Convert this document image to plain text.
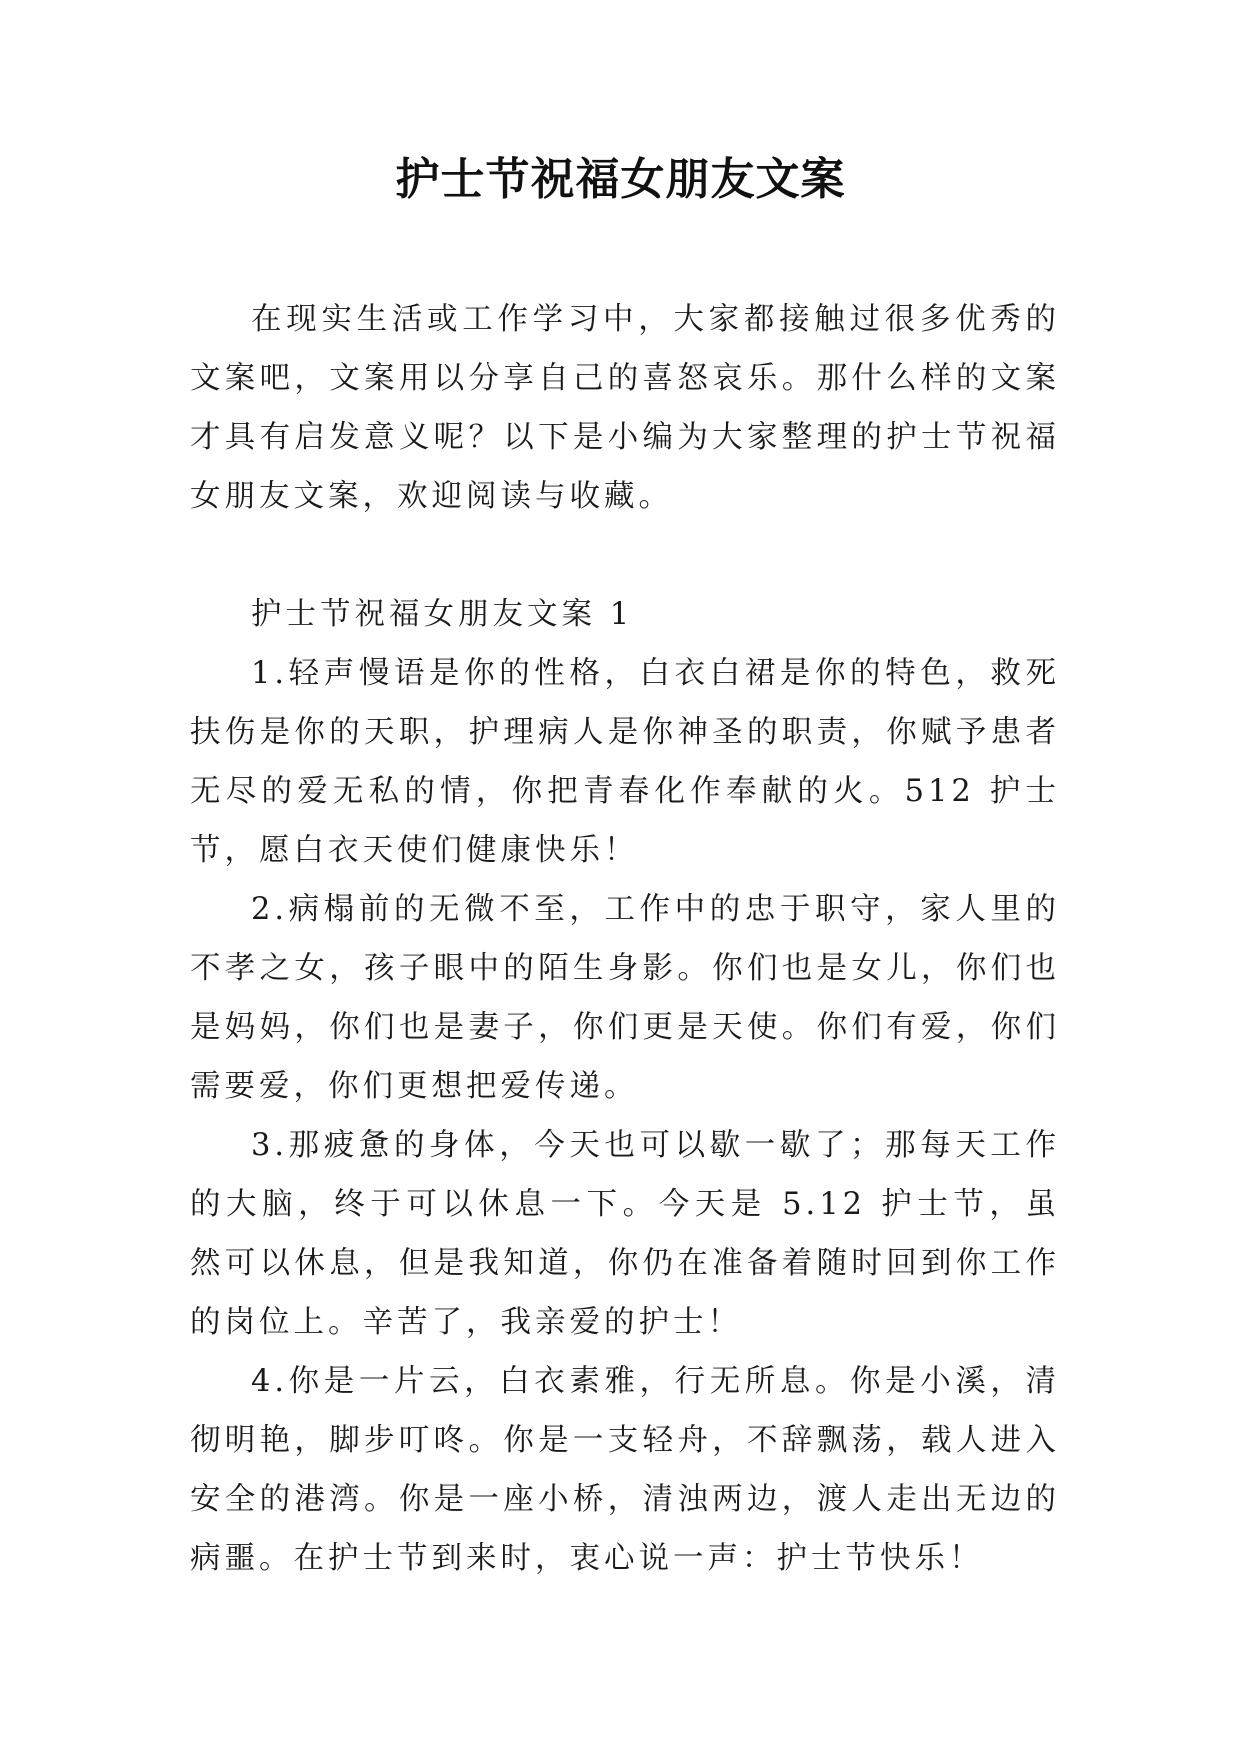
护士节祝福女朋友文案

在现实生活或工作学习中，大家都接触过很多优秀的文案吧，文案用以分享自己的喜怒哀乐。那什么样的文案才具有启发意义呢？以下是小编为大家整理的护士节祝福女朋友文案，欢迎阅读与收藏。

护士节祝福女朋友文案 1

1.轻声慢语是你的性格，白衣白裙是你的特色，救死扶伤是你的天职，护理病人是你神圣的职责，你赋予患者无尽的爱无私的情，你把青春化作奉献的火。512 护士节，愿白衣天使们健康快乐！

2.病榻前的无微不至，工作中的忠于职守，家人里的不孝之女，孩子眼中的陌生身影。你们也是女儿，你们也是妈妈，你们也是妻子，你们更是天使。你们有爱，你们需要爱，你们更想把爱传递。

3.那疲惫的身体，今天也可以歇一歇了；那每天工作的大脑，终于可以休息一下。今天是 5.12 护士节，虽然可以休息，但是我知道，你仍在准备着随时回到你工作的岗位上。辛苦了，我亲爱的护士！

4.你是一片云，白衣素雅，行无所息。你是小溪，清彻明艳，脚步叮咚。你是一支轻舟，不辞飘荡，载人进入安全的港湾。你是一座小桥，清浊两边，渡人走出无边的病噩。在护士节到来时，衷心说一声：护士节快乐！
